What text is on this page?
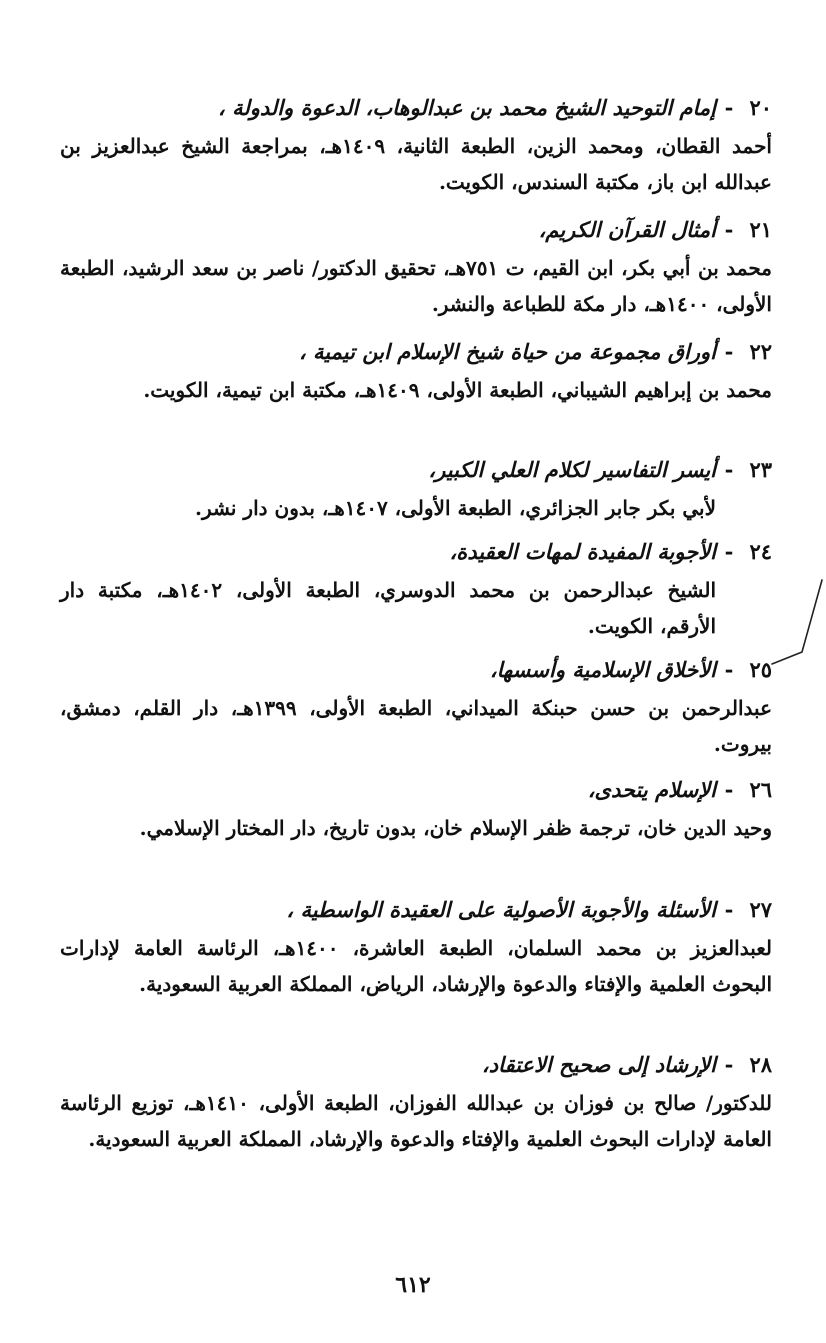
٢٠
-
إمام التوحيد الشيخ محمد بن عبدالوهاب، الدعوة والدولة ،
أحمد القطان، ومحمد الزين، الطبعة الثانية، ١٤٠٩هـ، بمراجعة الشيخ عبدالعزيز بن عبدالله ابن باز، مكتبة السندس، الكويت.
٢١
-
أمثال القرآن الكريم،
محمد بن أبي بكر، ابن القيم، ت ٧٥١هـ، تحقيق الدكتور/ ناصر بن سعد الرشيد، الطبعة الأولى، ١٤٠٠هـ، دار مكة للطباعة والنشر.
٢٢
-
أوراق مجموعة من حياة شيخ الإسلام ابن تيمية ،
محمد بن إبراهيم الشيباني، الطبعة الأولى، ١٤٠٩هـ، مكتبة ابن تيمية، الكويت.
٢٣
-
أيسر التفاسير لكلام العلي الكبير،
لأبي بكر جابر الجزائري، الطبعة الأولى، ١٤٠٧هـ، بدون دار نشر.
٢٤
-
الأجوبة المفيدة لمهات العقيدة،
الشيخ عبدالرحمن بن محمد الدوسري، الطبعة الأولى، ١٤٠٢هـ، مكتبة دار الأرقم، الكويت.
٢٥
-
الأخلاق الإسلامية وأسسها،
عبدالرحمن بن حسن حبنكة الميداني، الطبعة الأولى، ١٣٩٩هـ، دار القلم، دمشق، بيروت.
٢٦
-
الإسلام يتحدى،
وحيد الدين خان، ترجمة ظفر الإسلام خان، بدون تاريخ، دار المختار الإسلامي.
٢٧
-
الأسئلة والأجوبة الأصولية على العقيدة الواسطية ،
لعبدالعزيز بن محمد السلمان، الطبعة العاشرة، ١٤٠٠هـ، الرئاسة العامة لإدارات البحوث العلمية والإفتاء والدعوة والإرشاد، الرياض، المملكة العربية السعودية.
٢٨
-
الإرشاد إلى صحيح الاعتقاد،
للدكتور/ صالح بن فوزان بن عبدالله الفوزان، الطبعة الأولى، ١٤١٠هـ، توزيع الرئاسة العامة لإدارات البحوث العلمية والإفتاء والدعوة والإرشاد، المملكة العربية السعودية.
٦١٢
